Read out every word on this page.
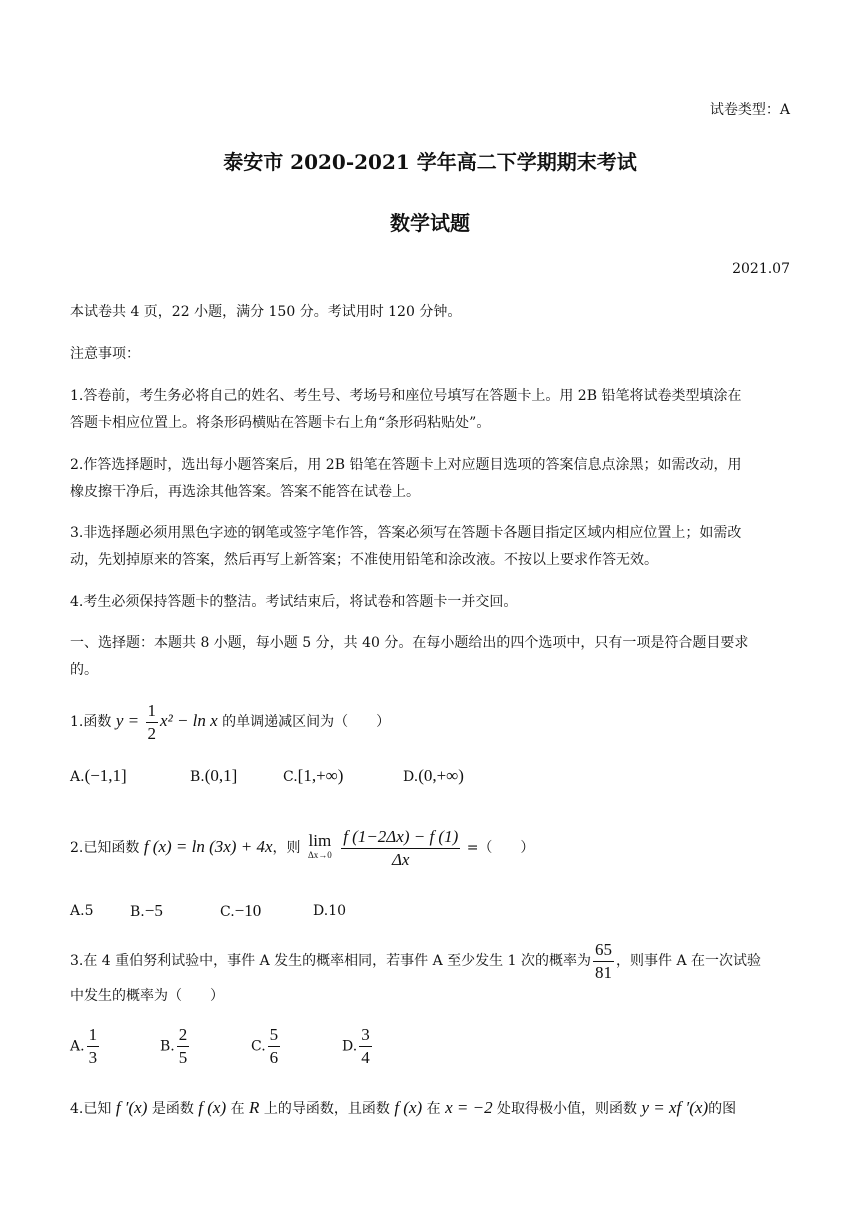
试卷类型：A
泰安市 2020-2021 学年高二下学期期末考试
数学试题
2021.07
本试卷共 4 页，22 小题，满分 150 分。考试用时 120 分钟。
注意事项：
1.答卷前，考生务必将自己的姓名、考生号、考场号和座位号填写在答题卡上。用 2B 铅笔将试卷类型填涂在
答题卡相应位置上。将条形码横贴在答题卡右上角“条形码粘贴处”。
2.作答选择题时，选出每小题答案后，用 2B 铅笔在答题卡上对应题目选项的答案信息点涂黑；如需改动，用
橡皮擦干净后，再选涂其他答案。答案不能答在试卷上。
3.非选择题必须用黑色字迹的钢笔或签字笔作答，答案必须写在答题卡各题目指定区域内相应位置上；如需改
动，先划掉原来的答案，然后再写上新答案；不准使用铅笔和涂改液。不按以上要求作答无效。
4.考生必须保持答题卡的整洁。考试结束后，将试卷和答题卡一并交回。
一、选择题：本题共 8 小题，每小题 5 分，共 40 分。在每小题给出的四个选项中，只有一项是符合题目要求
的。
1.函数 $y = \frac{1}{2} x^2 - \ln x$ 的单调递减区间为（　　）
A.(−1,1]	B.(0,1]	C.[1,+∞)	D.(0,+∞)
2.已知函数 f (x) = ln (3x) + 4x，则 lim
Δx→0
$\frac{f (1-2\Delta x) - f (1)}{\Delta x}$ =（　　）
A.5	B.−5	C.−10	D.10
3.在 4 重伯努利试验中，事件 A 发生的概率相同，若事件 A 至少发生 1 次的概率为 $\frac{65}{81}$ ，则事件 A 在一次试验
中发生的概率为（　　）
A. $\frac{1}{3}$	B. $\frac{2}{5}$	C. $\frac{5}{6}$	D. $\frac{3}{4}$
4.已知 f ′(x) 是函数 f (x) 在 R 上的导函数，且函数 f (x) 在 x = −2 处取得极小值，则函数 y = xf ′(x)的图
